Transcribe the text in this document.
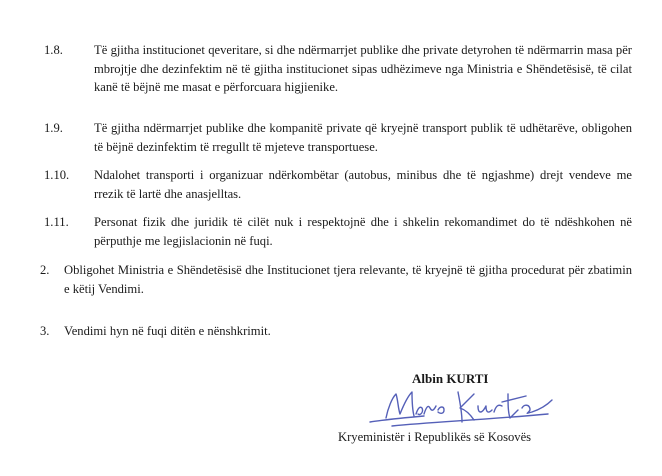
1.8. Të gjitha institucionet qeveritare, si dhe ndërmarrjet publike dhe private detyrohen të ndërmarrin masa për mbrojtje dhe dezinfektim në të gjitha institucionet sipas udhëzimeve nga Ministria e Shëndetësisë, të cilat kanë të bëjnë me masat e përforcuara higjienike.
1.9. Të gjitha ndërmarrjet publike dhe kompanitë private që kryejnë transport publik të udhëtarëve, obligohen të bëjnë dezinfektim të rregullt të mjeteve transportuese.
1.10. Ndalohet transporti i organizuar ndërkombëtar (autobus, minibus dhe të ngjashme) drejt vendeve me rrezik të lartë dhe anasjelltas.
1.11. Personat fizik dhe juridik të cilët nuk i respektojnë dhe i shkelin rekomandimet do të ndëshkohen në përputhje me legjislacionin në fuqi.
2. Obligohet Ministria e Shëndetësisë dhe Institucionet tjera relevante, të kryejnë të gjitha procedurat për zbatimin e këtij Vendimi.
3. Vendimi hyn në fuqi ditën e nënshkrimit.
Albin KURTI
Kryeministër i Republikës së Kosovës
